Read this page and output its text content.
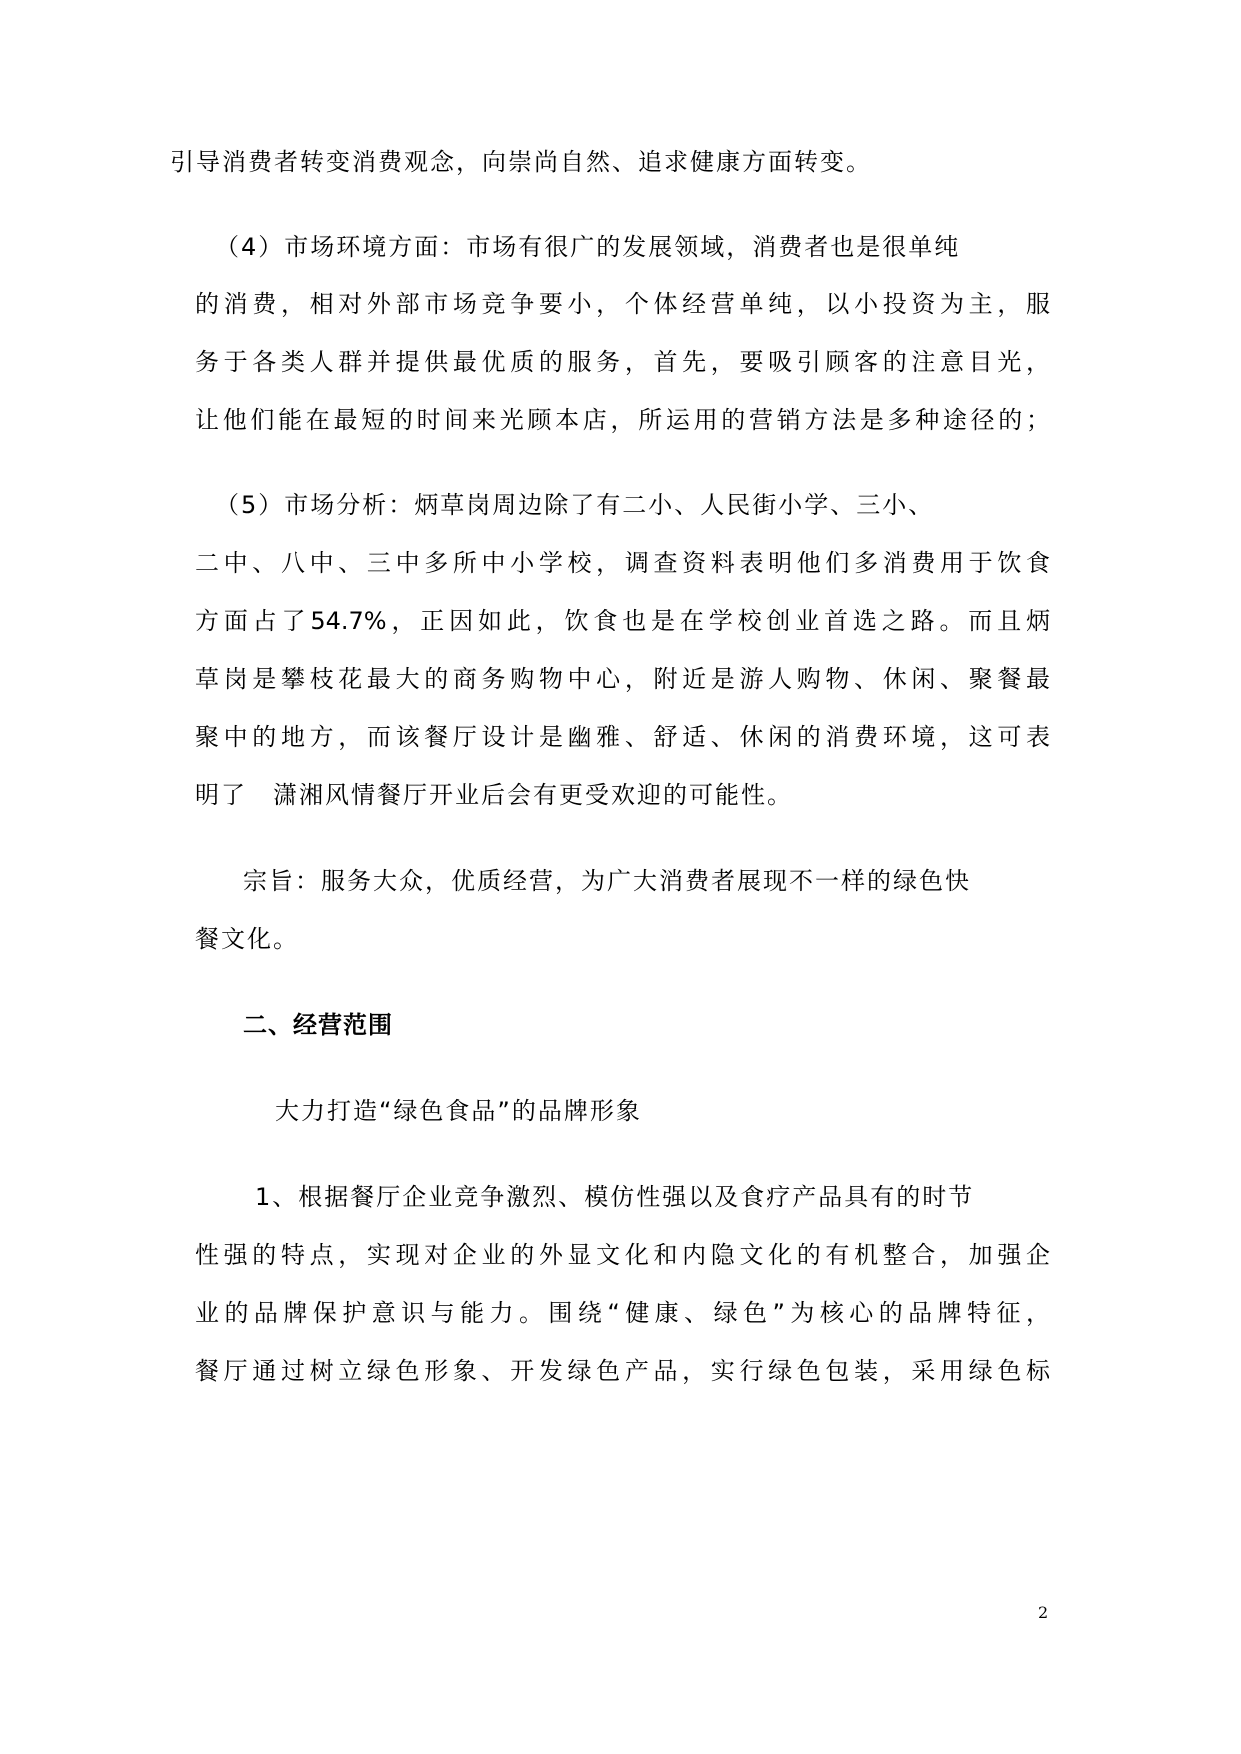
引导消费者转变消费观念，向崇尚自然、追求健康方面转变。

（4）市场环境方面：市场有很广的发展领域，消费者也是很单纯

的消费，相对外部市场竞争要小，个体经营单纯，以小投资为主，服

务于各类人群并提供最优质的服务，首先，要吸引顾客的注意目光，

让他们能在最短的时间来光顾本店，所运用的营销方法是多种途径的；

（5）市场分析：炳草岗周边除了有二小、人民街小学、三小、

二中、八中、三中多所中小学校，调查资料表明他们多消费用于饮食

方面占了54.7%，正因如此，饮食也是在学校创业首选之路。而且炳

草岗是攀枝花最大的商务购物中心，附近是游人购物、休闲、聚餐最

聚中的地方，而该餐厅设计是幽雅、舒适、休闲的消费环境，这可表

明了　潇湘风情餐厅开业后会有更受欢迎的可能性。

宗旨：服务大众，优质经营，为广大消费者展现不一样的绿色快

餐文化。

二、经营范围

大力打造“绿色食品”的品牌形象

1、根据餐厅企业竞争激烈、模仿性强以及食疗产品具有的时节

性强的特点，实现对企业的外显文化和内隐文化的有机整合，加强企

业的品牌保护意识与能力。围绕“健康、绿色”为核心的品牌特征，

餐厅通过树立绿色形象、开发绿色产品，实行绿色包装，采用绿色标

2
